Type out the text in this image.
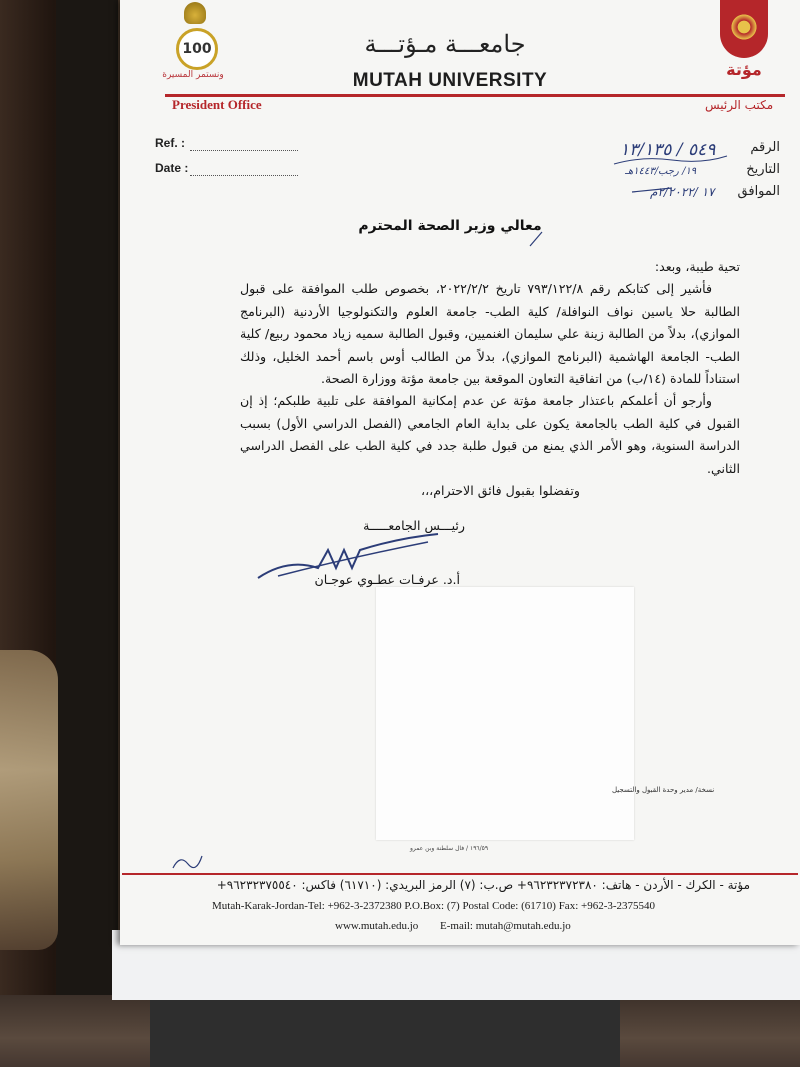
100
ونستمر المسيرة
جامعـــة مـؤتـــة
MUTAH UNIVERSITY
مؤتة
President Office	مكتب الرئيس
Ref. :
Date :
الرقم
التاريخ
الموافق
٥٤٩ / ١٣/١٣٥
١٩/ رجب/١٤٤٣هـ
١٧ /٢/٢٠٢٢م
معالي وزير الصحة المحترم

تحية طيبة، وبعد:

فأشير إلى كتابكم رقم ٧٩٣/١٢٢/٨ تاريخ ٢٠٢٢/٢/٢، بخصوص طلب الموافقة على قبول الطالبة حلا ياسين نواف النوافلة/ كلية الطب- جامعة العلوم والتكنولوجيا الأردنية (البرنامج الموازي)، بدلاً من الطالبة زينة علي سليمان الغنميين، وقبول الطالبة سميه زياد محمود ربيع/ كلية الطب- الجامعة الهاشمية (البرنامج الموازي)، بدلاً من الطالب أوس باسم أحمد الخليل، وذلك استناداً للمادة (١٤/ب) من اتفاقية التعاون الموقعة بين جامعة مؤتة ووزارة الصحة.

وأرجو أن أعلمكم باعتذار جامعة مؤتة عن عدم إمكانية الموافقة على تلبية طلبكم؛ إذ إن القبول في كلية الطب بالجامعة يكون على بداية العام الجامعي (الفصل الدراسي الأول) بسبب الدراسة السنوية، وهو الأمر الذي يمنع من قبول طلبة جدد في كلية الطب على الفصل الدراسي الثاني.

وتفضلوا بقبول فائق الاحترام،،،

رئيـــس الجامعـــــة
أ.د. عرفـات عطـوي عوجـان
نسخة/ مدير وحدة القبول والتسجيل
١٩٦/٥٩ / فال سلطنة وبن عمرو
مؤتة - الكرك - الأردن - هاتف: ٩٦٢٣٢٣٧٢٣٨٠+ ص.ب: (٧) الرمز البريدي: (٦١٧١٠) فاكس: ٩٦٢٣٢٣٧٥٥٤٠+
Mutah-Karak-Jordan-Tel: +962-3-2372380 P.O.Box: (7) Postal Code: (61710) Fax: +962-3-2375540
www.mutah.edu.jo E-mail: mutah@mutah.edu.jo
